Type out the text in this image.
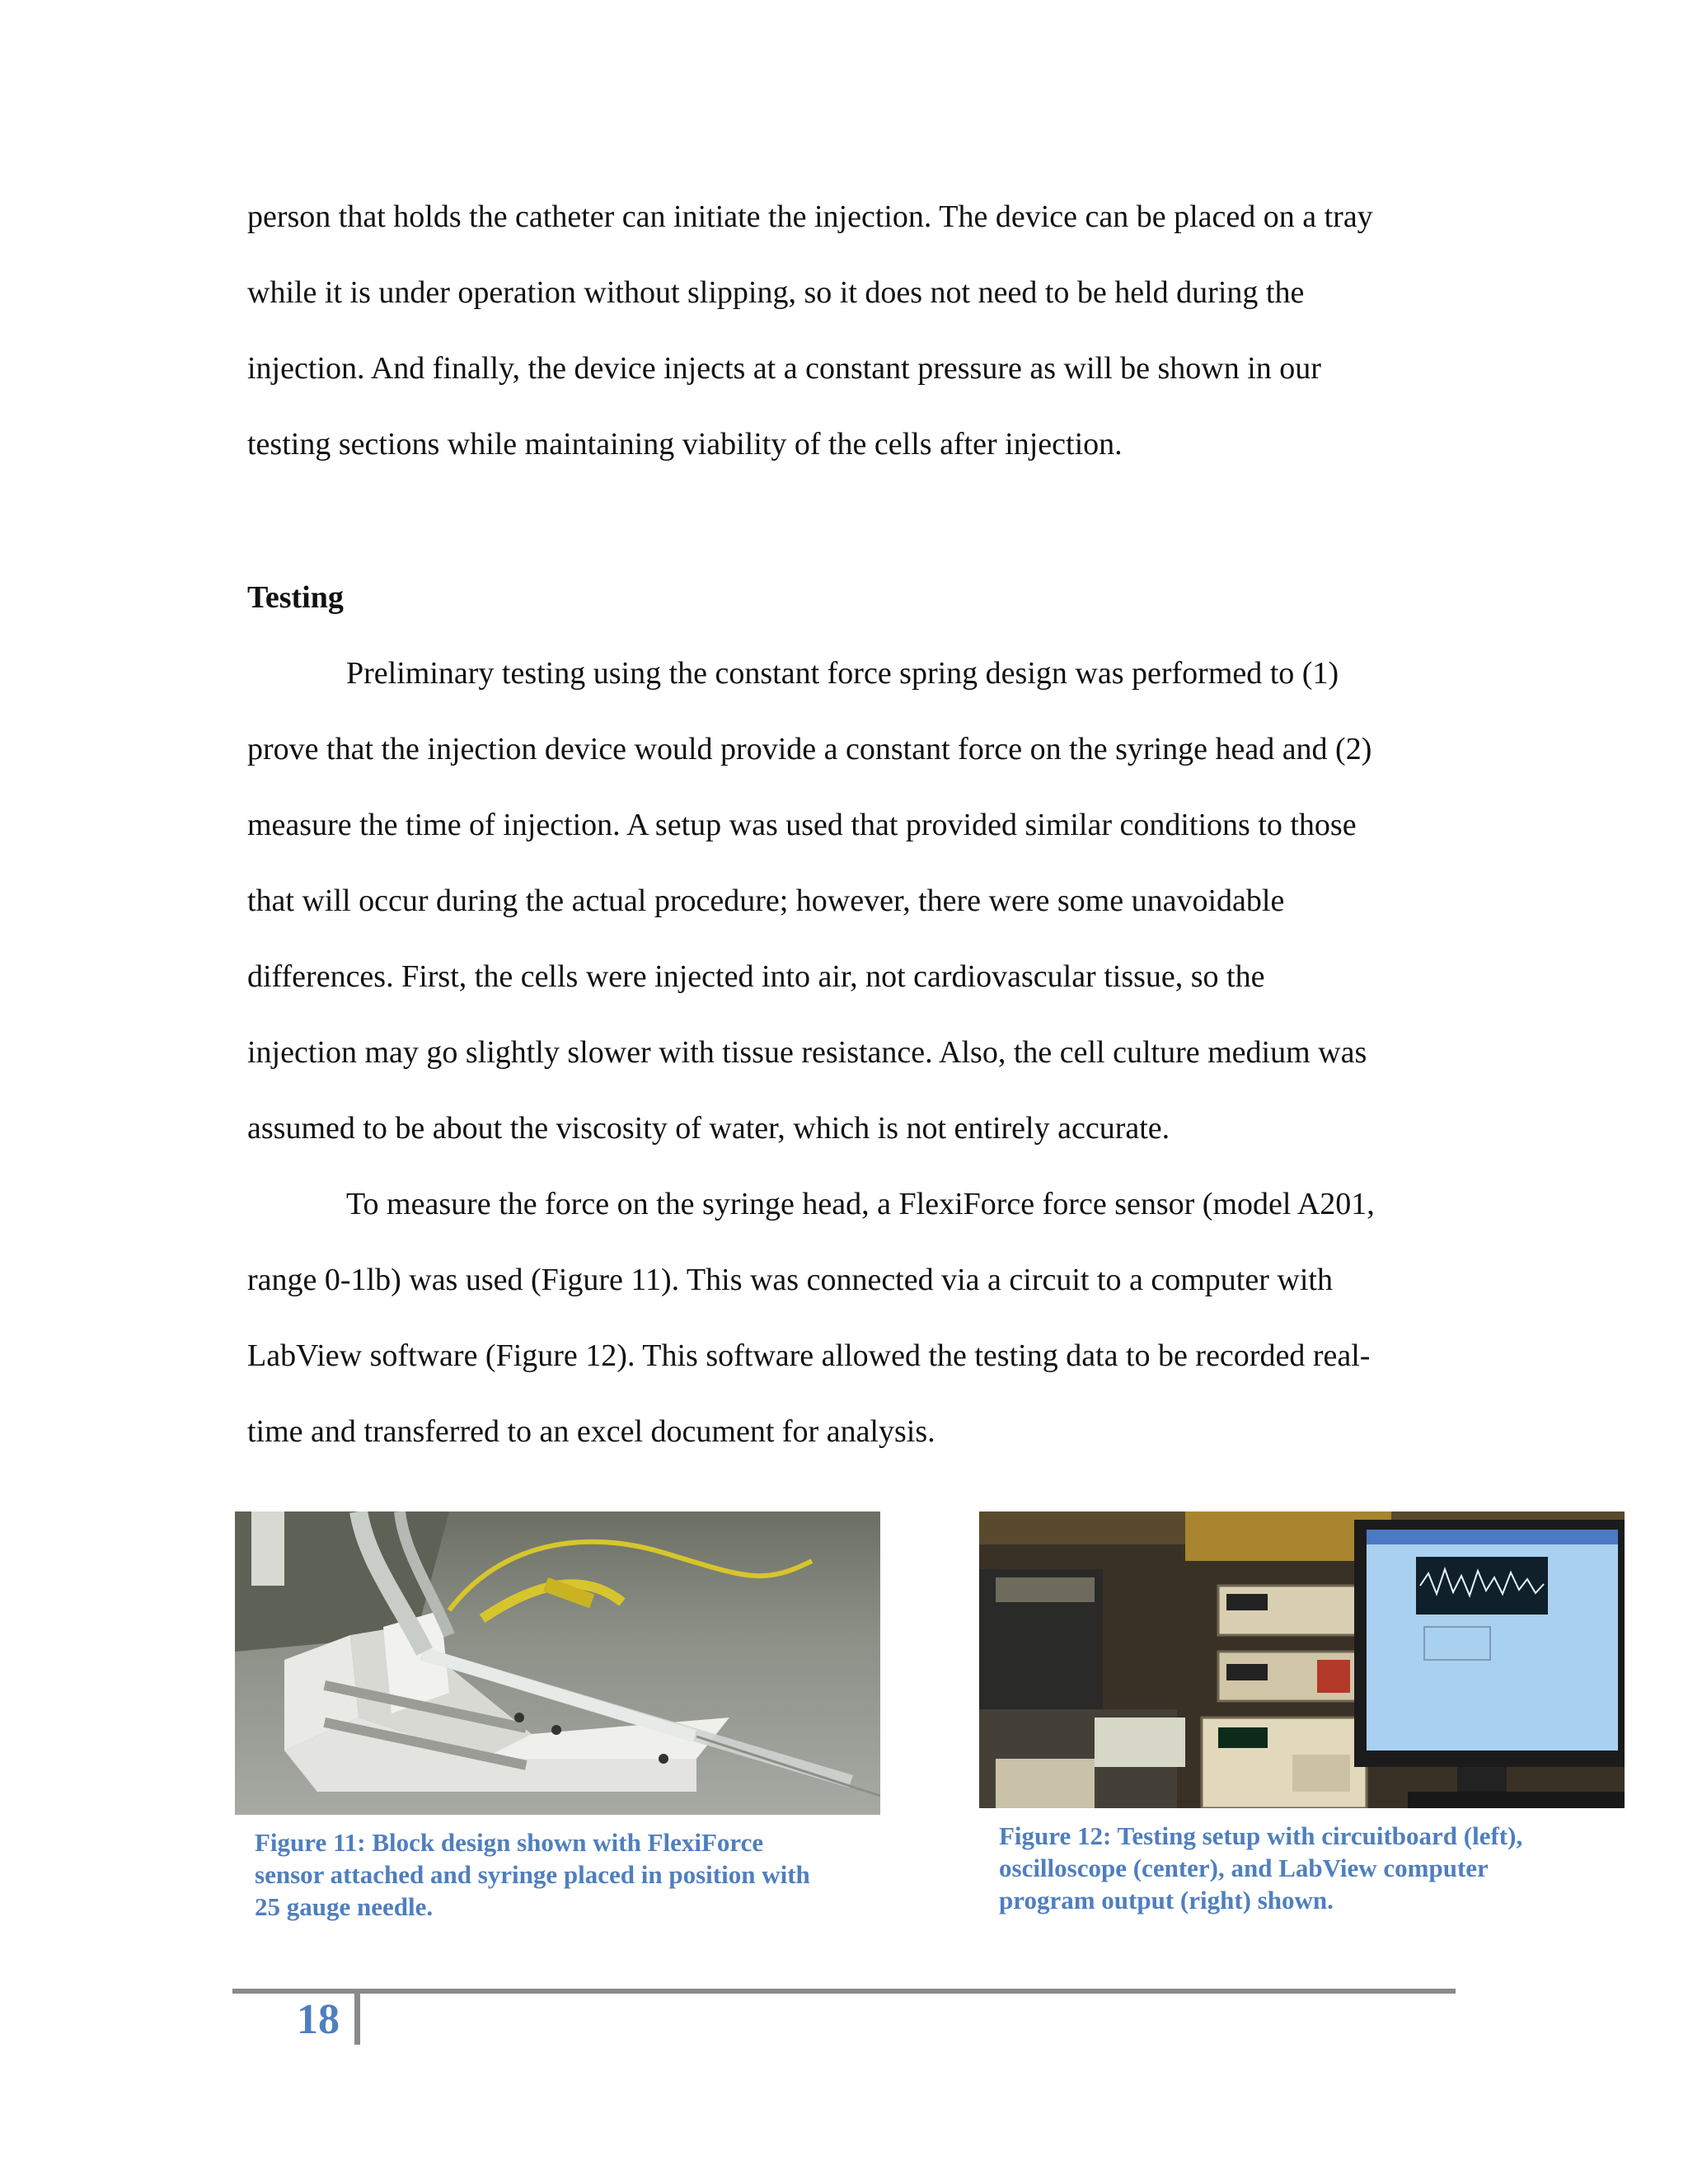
person that holds the catheter can initiate the injection. The device can be placed on a tray
while it is under operation without slipping, so it does not need to be held during the
injection. And finally, the device injects at a constant pressure as will be shown in our
testing sections while maintaining viability of the cells after injection.
Testing
Preliminary testing using the constant force spring design was performed to (1)
prove that the injection device would provide a constant force on the syringe head and (2)
measure the time of injection. A setup was used that provided similar conditions to those
that will occur during the actual procedure; however, there were some unavoidable
differences. First, the cells were injected into air, not cardiovascular tissue, so the
injection may go slightly slower with tissue resistance. Also, the cell culture medium was
assumed to be about the viscosity of water, which is not entirely accurate.
To measure the force on the syringe head, a FlexiForce force sensor (model A201,
range 0-1lb) was used (Figure 11). This was connected via a circuit to a computer with
LabView software (Figure 12). This software allowed the testing data to be recorded real-
time and transferred to an excel document for analysis.
Figure 11: Block design shown with FlexiForce
sensor attached and syringe placed in position with
25 gauge needle.
Figure 12: Testing setup with circuitboard (left),
oscilloscope (center), and LabView computer
program output (right) shown.
18
